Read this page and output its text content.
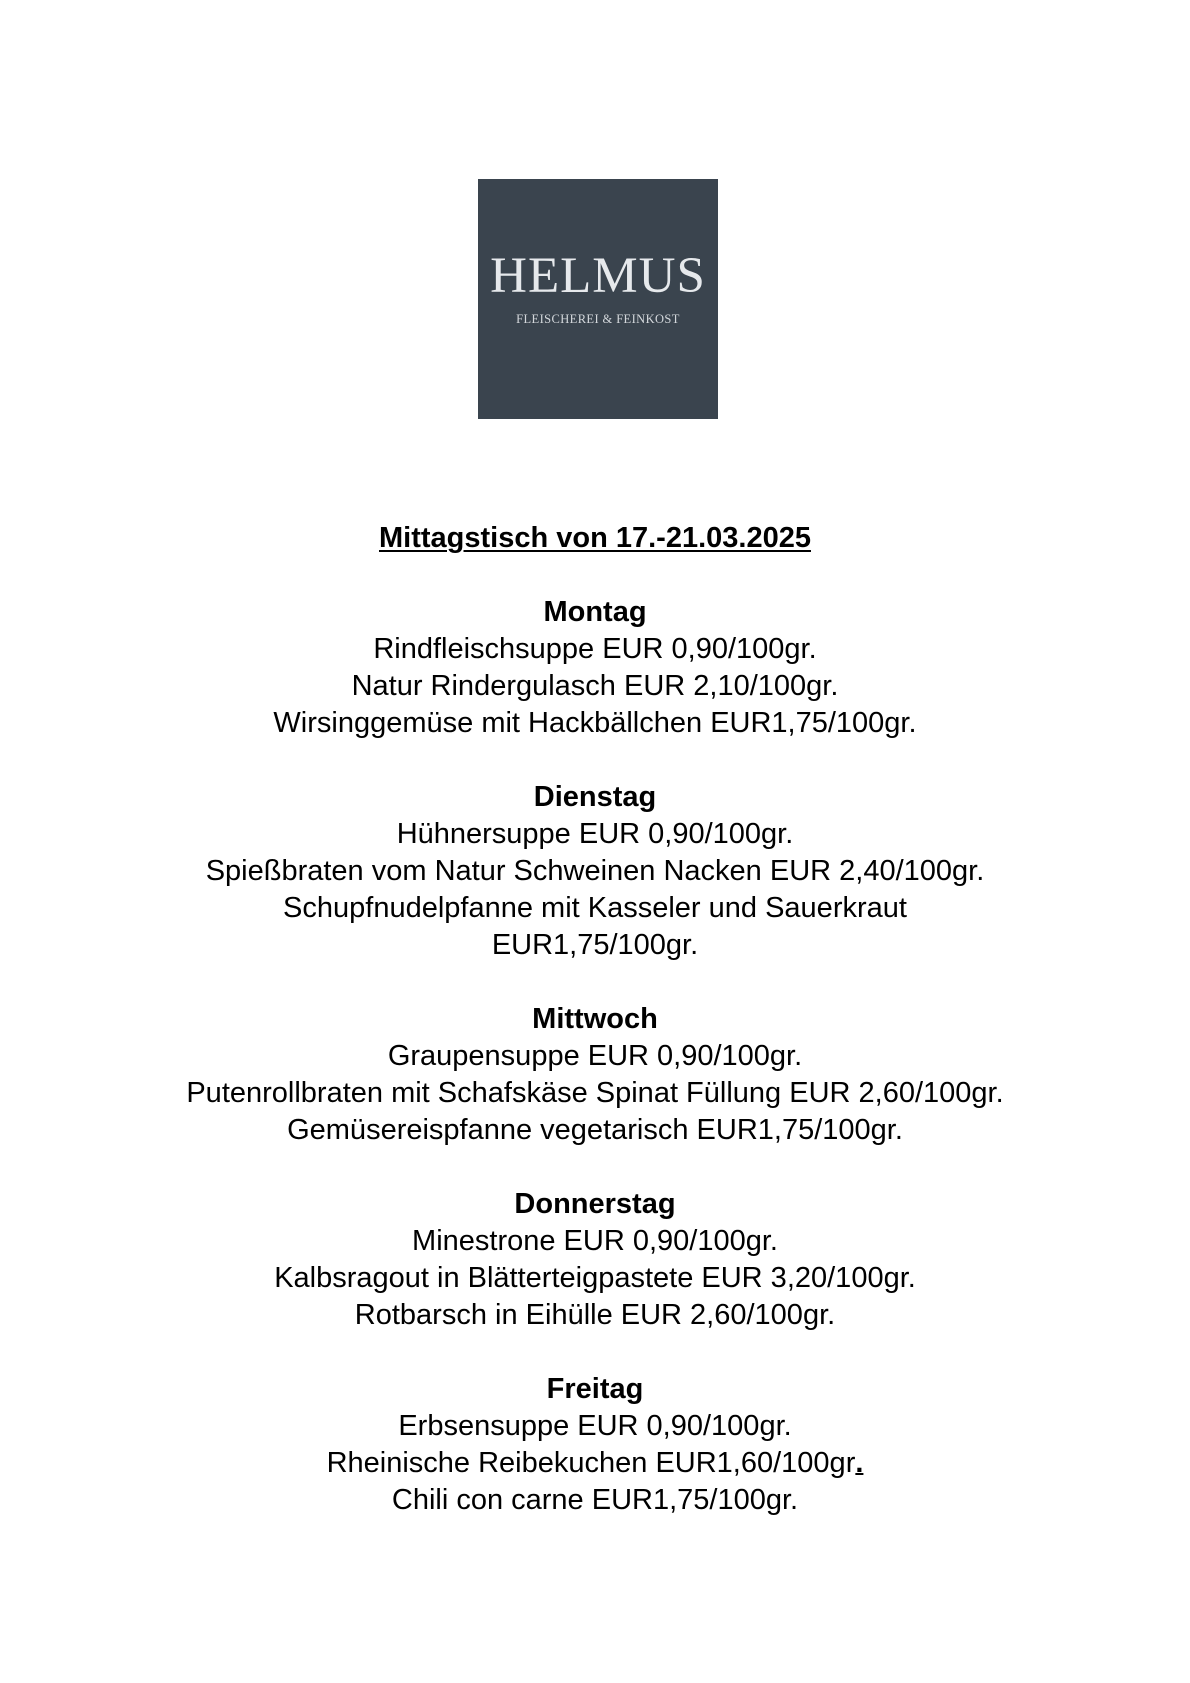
HELMUS
FLEISCHEREI & FEINKOST
Mittagstisch von 17.-21.03.2025
Montag
Rindfleischsuppe EUR 0,90/100gr.
Natur Rindergulasch EUR 2,10/100gr.
Wirsinggemüse mit Hackbällchen EUR1,75/100gr.
Dienstag
Hühnersuppe EUR 0,90/100gr.
Spießbraten vom Natur Schweinen Nacken EUR 2,40/100gr.
Schupfnudelpfanne mit Kasseler und Sauerkraut
EUR1,75/100gr.
Mittwoch
Graupensuppe EUR 0,90/100gr.
Putenrollbraten mit Schafskäse Spinat Füllung EUR 2,60/100gr.
Gemüsereispfanne vegetarisch EUR1,75/100gr.
Donnerstag
Minestrone EUR 0,90/100gr.
Kalbsragout in Blätterteigpastete EUR 3,20/100gr.
Rotbarsch in Eihülle EUR 2,60/100gr.
Freitag
Erbsensuppe EUR 0,90/100gr.
Rheinische Reibekuchen EUR1,60/100gr.
Chili con carne EUR1,75/100gr.
